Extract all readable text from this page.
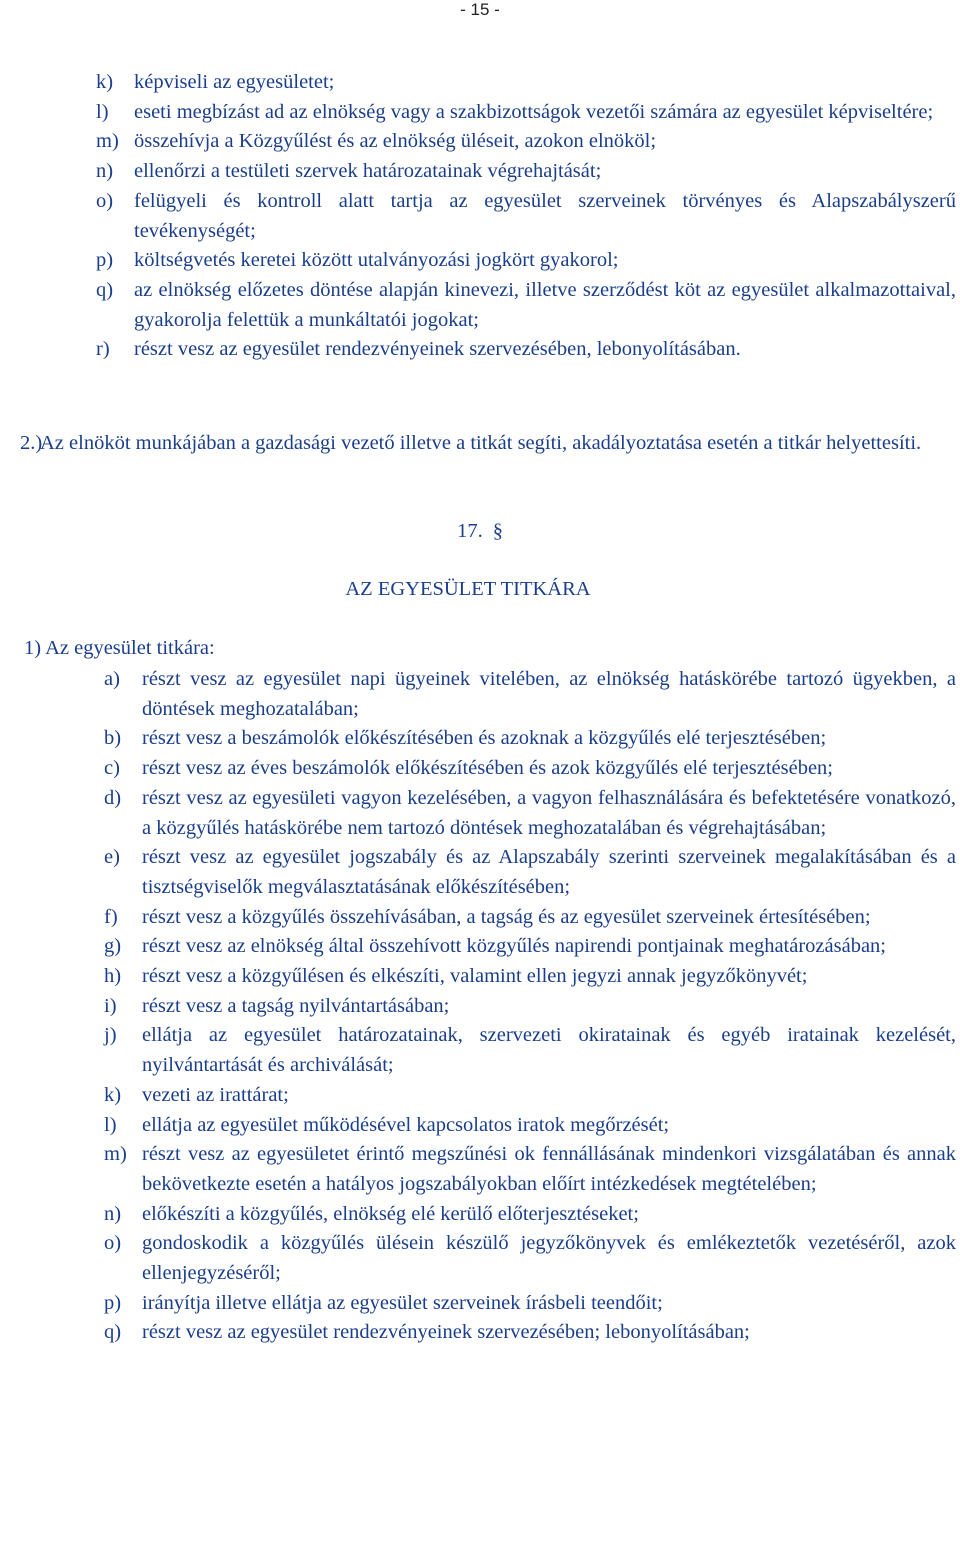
- 15 -
k) képviseli az egyesületet;
l) eseti megbízást ad az elnökség vagy a szakbizottságok vezetői számára az egyesület képviseltére;
m) összehívja a Közgyűlést és az elnökség üléseit, azokon elnököl;
n) ellenőrzi a testületi szervek határozatainak végrehajtását;
o) felügyeli és kontroll alatt tartja az egyesület szerveinek törvényes és Alapszabályszerű tevékenységét;
p) költségvetés keretei között utalványozási jogkört gyakorol;
q) az elnökség előzetes döntése alapján kinevezi, illetve szerződést köt az egyesület alkalmazottaival, gyakorolja felettük a munkáltatói jogokat;
r) részt vesz az egyesület rendezvényeinek szervezésében, lebonyolításában.
2.)
Az elnököt munkájában a gazdasági vezető illetve a titkát segíti, akadályoztatása esetén a titkár helyettesíti.
17. §
AZ EGYESÜLET TITKÁRA
1) Az egyesület titkára:
a) részt vesz az egyesület napi ügyeinek vitelében, az elnökség hatáskörébe tartozó ügyekben, a döntések meghozatalában;
b) részt vesz a beszámolók előkészítésében és azoknak a közgyűlés elé terjesztésében;
c) részt vesz az éves beszámolók előkészítésében és azok közgyűlés elé terjesztésében;
d) részt vesz az egyesületi vagyon kezelésében, a vagyon felhasználására és befektetésére vonatkozó, a közgyűlés hatáskörébe nem tartozó döntések meghozatalában és végrehajtásában;
e) részt vesz az egyesület jogszabály és az Alapszabály szerinti szerveinek megalakításában és a tisztségviselők megválasztatásának előkészítésében;
f) részt vesz a közgyűlés összehívásában, a tagság és az egyesület szerveinek értesítésében;
g) részt vesz az elnökség által összehívott közgyűlés napirendi pontjainak meghatározásában;
h) részt vesz a közgyűlésen és elkészíti, valamint ellen jegyzi annak jegyzőkönyvét;
i) részt vesz a tagság nyilvántartásában;
j) ellátja az egyesület határozatainak, szervezeti okiratainak és egyéb iratainak kezelését, nyilvántartását és archiválását;
k) vezeti az irattárat;
l) ellátja az egyesület működésével kapcsolatos iratok megőrzését;
m) részt vesz az egyesületet érintő megszűnési ok fennállásának mindenkori vizsgálatában és annak bekövetkezte esetén a hatályos jogszabályokban előírt intézkedések megtételében;
n) előkészíti a közgyűlés, elnökség elé kerülő előterjesztéseket;
o) gondoskodik a közgyűlés ülésein készülő jegyzőkönyvek és emlékeztetők vezetéséről, azok ellenjegyzéséről;
p) irányítja illetve ellátja az egyesület szerveinek írásbeli teendőit;
q) részt vesz az egyesület rendezvényeinek szervezésében; lebonyolításában;
